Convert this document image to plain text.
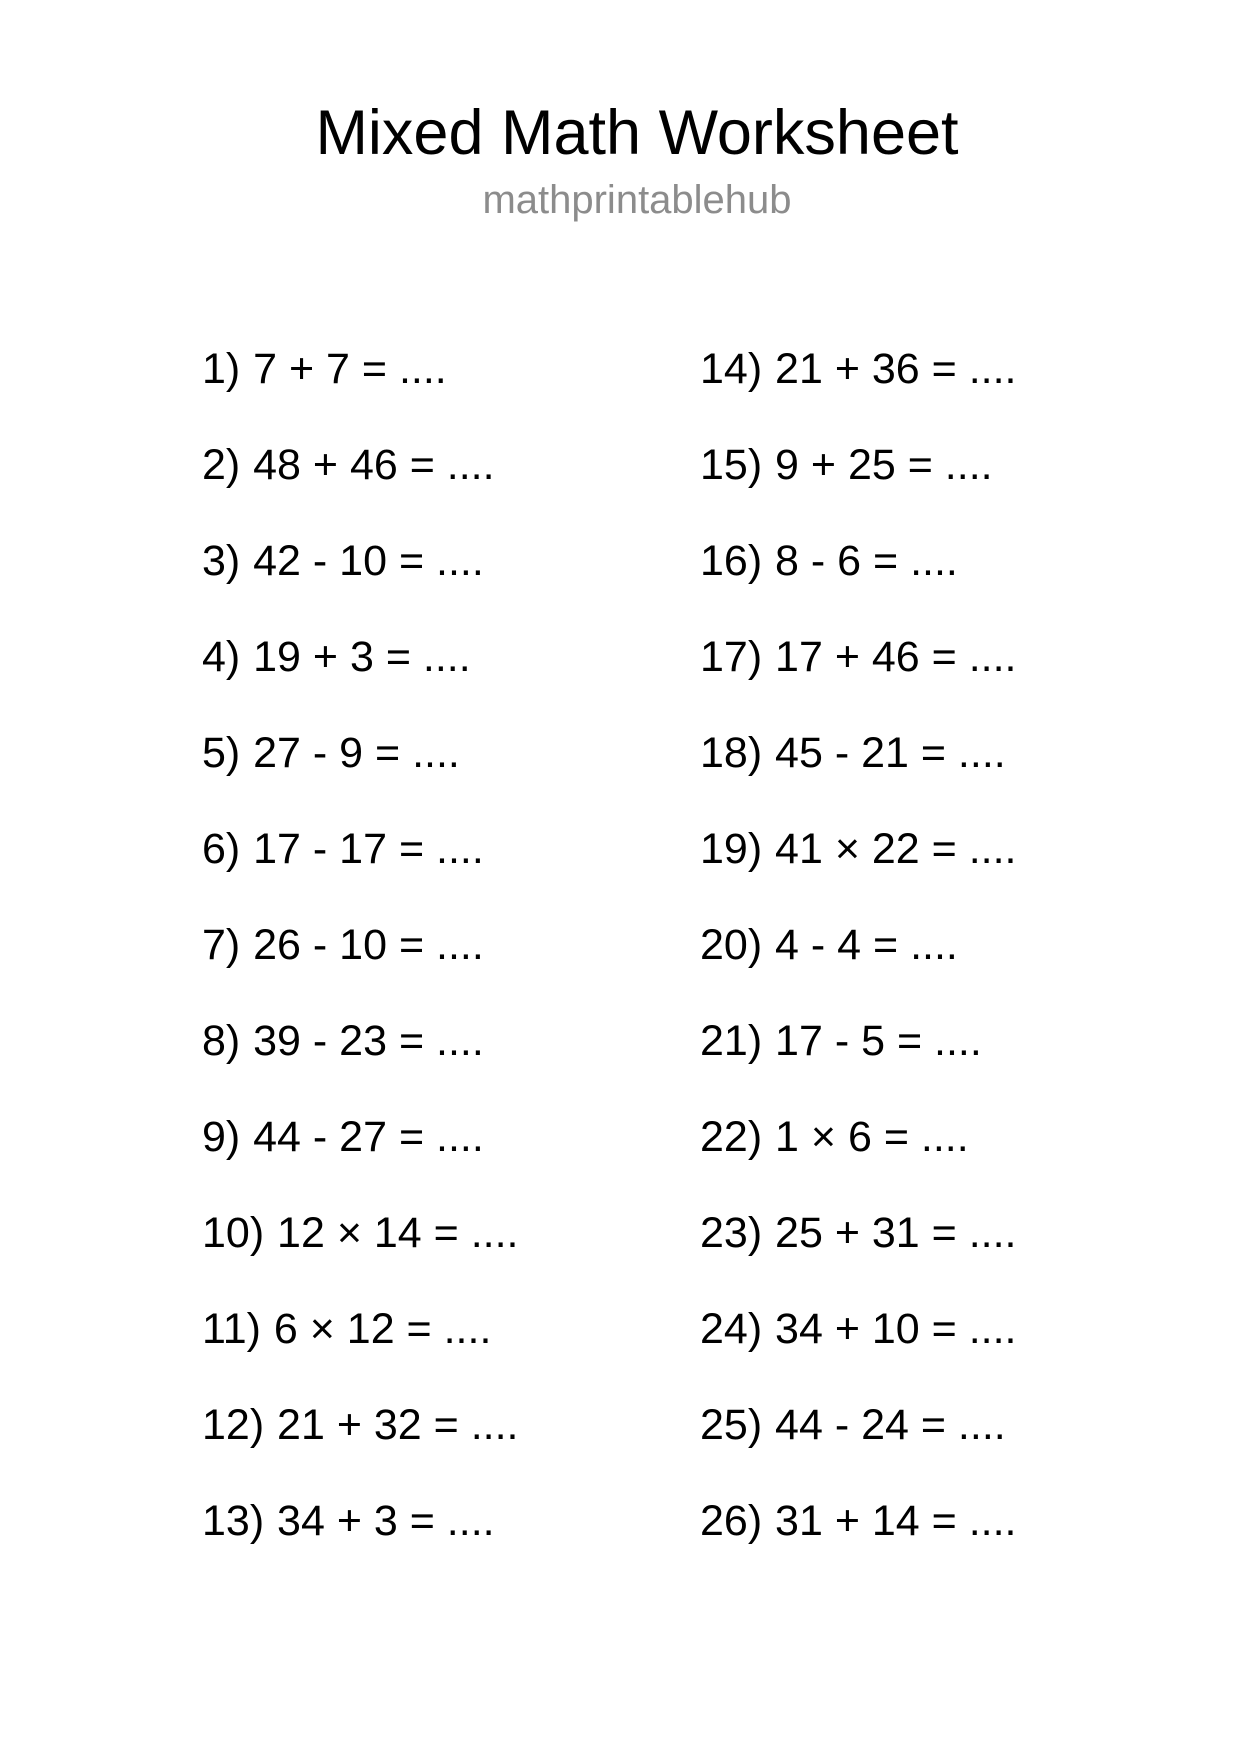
Mixed Math Worksheet
mathprintablehub
1) 7 + 7 = ....
2) 48 + 46 = ....
3) 42 - 10 = ....
4) 19 + 3 = ....
5) 27 - 9 = ....
6) 17 - 17 = ....
7) 26 - 10 = ....
8) 39 - 23 = ....
9) 44 - 27 = ....
10) 12 × 14 = ....
11) 6 × 12 = ....
12) 21 + 32 = ....
13) 34 + 3 = ....
14) 21 + 36 = ....
15) 9 + 25 = ....
16) 8 - 6 = ....
17) 17 + 46 = ....
18) 45 - 21 = ....
19) 41 × 22 = ....
20) 4 - 4 = ....
21) 17 - 5 = ....
22) 1 × 6 = ....
23) 25 + 31 = ....
24) 34 + 10 = ....
25) 44 - 24 = ....
26) 31 + 14 = ....
